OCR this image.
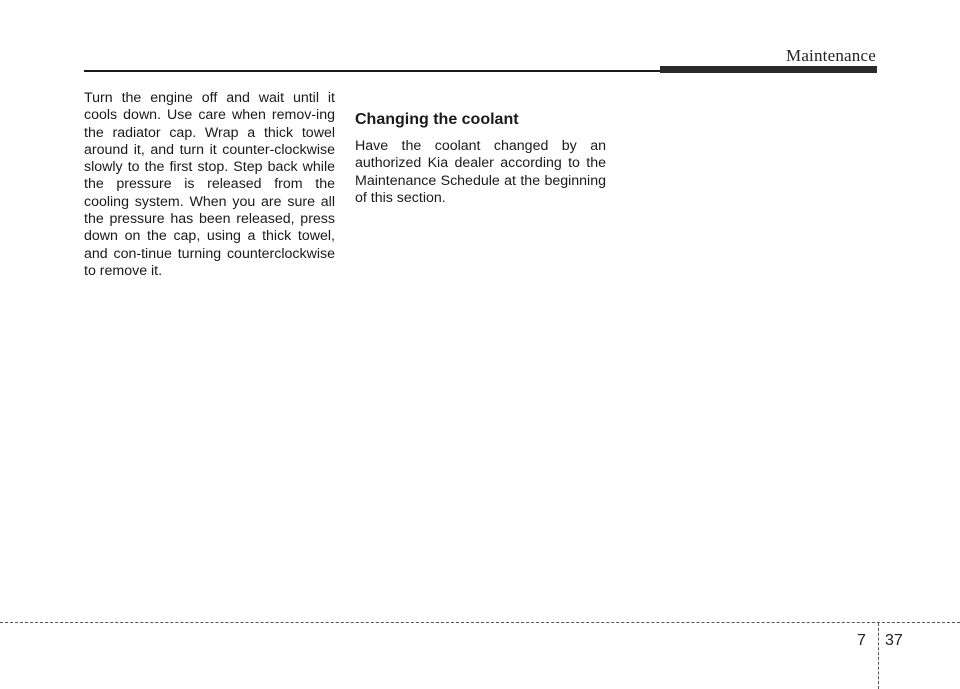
Maintenance

Turn the engine off and wait until it cools down. Use care when remov-ing the radiator cap. Wrap a thick towel around it, and turn it counter-clockwise slowly to the first stop. Step back while the pressure is released from the cooling system. When you are sure all the pressure has been released, press down on the cap, using a thick towel, and con-tinue turning counterclockwise to remove it.

Changing the coolant

Have the coolant changed by an authorized Kia dealer according to the Maintenance Schedule at the beginning of this section.

7 37
